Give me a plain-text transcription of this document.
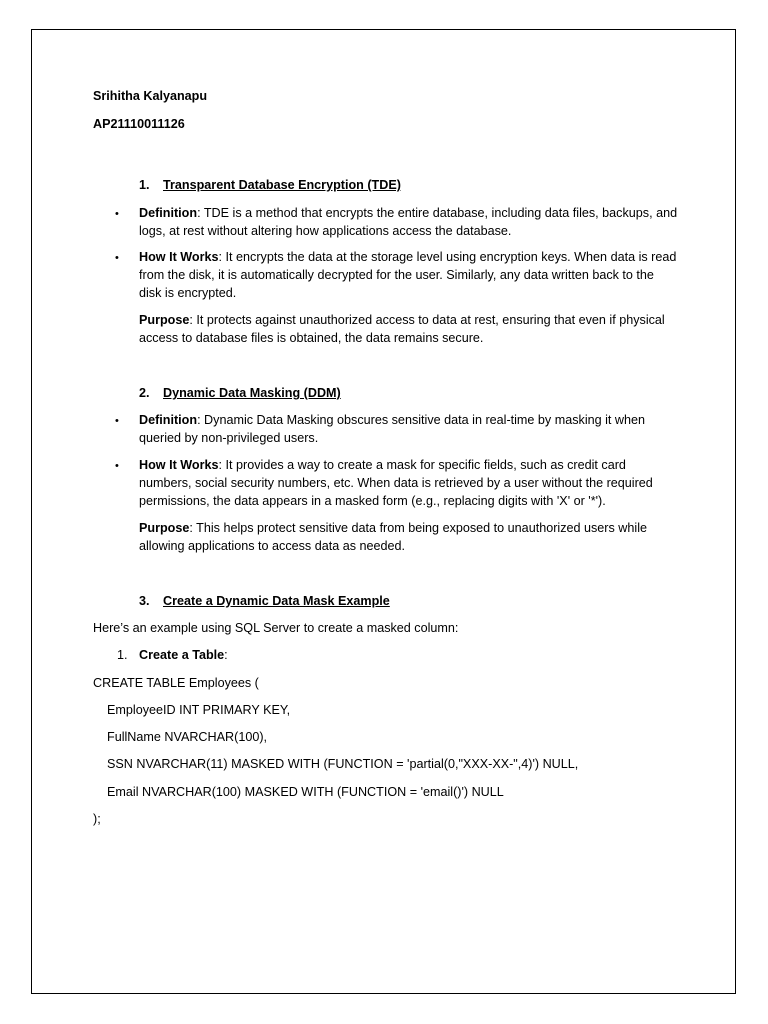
Srihitha Kalyanapu
AP21110011126
1. Transparent Database Encryption (TDE)
• Definition: TDE is a method that encrypts the entire database, including data files, backups, and logs, at rest without altering how applications access the database.
• How It Works: It encrypts the data at the storage level using encryption keys. When data is read from the disk, it is automatically decrypted for the user. Similarly, any data written back to the disk is encrypted.
Purpose: It protects against unauthorized access to data at rest, ensuring that even if physical access to database files is obtained, the data remains secure.
2. Dynamic Data Masking (DDM)
• Definition: Dynamic Data Masking obscures sensitive data in real-time by masking it when queried by non-privileged users.
• How It Works: It provides a way to create a mask for specific fields, such as credit card numbers, social security numbers, etc. When data is retrieved by a user without the required permissions, the data appears in a masked form (e.g., replacing digits with 'X' or '*').
Purpose: This helps protect sensitive data from being exposed to unauthorized users while allowing applications to access data as needed.
3. Create a Dynamic Data Mask Example
Here’s an example using SQL Server to create a masked column:
1. Create a Table:
CREATE TABLE Employees (
EmployeeID INT PRIMARY KEY,
FullName NVARCHAR(100),
SSN NVARCHAR(11) MASKED WITH (FUNCTION = 'partial(0,"XXX-XX-",4)') NULL,
Email NVARCHAR(100) MASKED WITH (FUNCTION = 'email()') NULL
);
